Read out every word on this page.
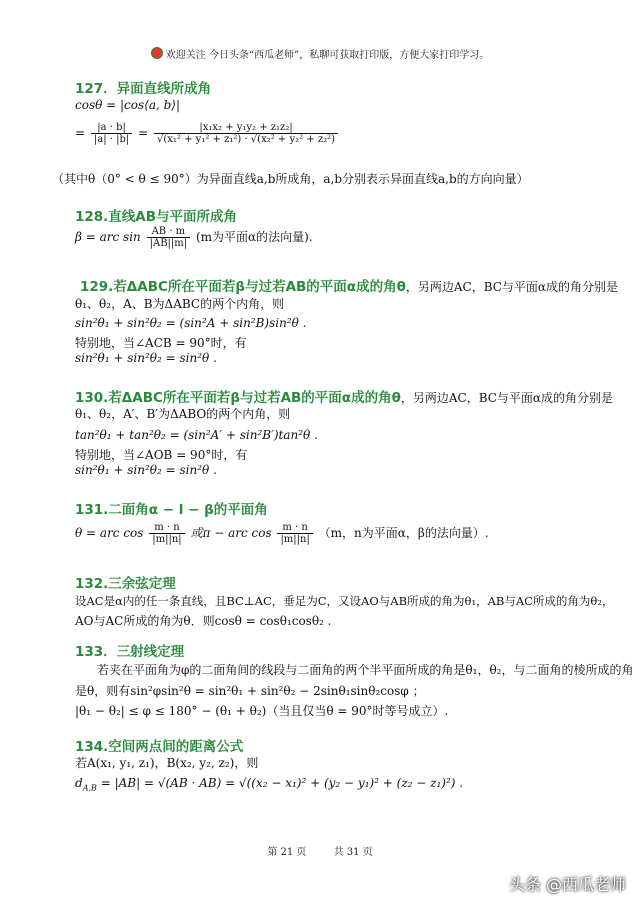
欢迎关注 今日头条“西瓜老师”，私聊可获取打印版，方便大家打印学习。
127．异面直线所成角
cosθ = |cos⟨a, b⟩|
= $\frac{|a \cdot b|}{|a| \cdot |b|} = \frac{\text{|x₁x₂ + y₁y₂ + z₁z₂|}}{\text{√(x₁² + y₁² + z₁²) · √(x₂² + y₂² + z₂²)}}$
（其中θ（0° < θ ≤ 90°）为异面直线a,b所成角，a,b分别表示异面直线a,b的方向向量）
128.直线AB与平面所成角
β = arc $\sin \frac{AB \cdot m}{|AB||m|} (m$为平面α的法向量).
129.若ΔABC所在平面若β与过若AB的平面α成的角θ，另两边AC，BC与平面α成的角分别是
θ₁、θ₂，A、B为ΔABC的两个内角，则
sin²θ₁ + sin²θ₂ = (sin²A + sin²B)sin²θ .
特别地，当∠ACB = 90°时，有
sin²θ₁ + sin²θ₂ = sin²θ .
130.若ΔABC所在平面若β与过若AB的平面α成的角θ，另两边AC，BC与平面α成的角分别是
θ₁、θ₂，A′、B′为ΔABO的两个内角，则
tan²θ₁ + tan²θ₂ = (sin²A′ + sin²B′)tan²θ .
特别地，当∠AOB = 90°时，有
sin²θ₁ + sin²θ₂ = sin²θ .
131.二面角α − l − β的平面角
θ = arc $\cos \frac{m \cdot n}{|m||n|}$ 或π − arc $\cos \frac{m \cdot n}{|m||n|} (m$，n为平面α，β的法向量）.
132.三余弦定理
设AC是α内的任一条直线，且BC⊥AC，垂足为C，又设AO与AB所成的角为θ₁，AB与AC所成的角为θ₂，
AO与AC所成的角为θ．则cosθ = cosθ₁cosθ₂ .
133．三射线定理
若夹在平面角为φ的二面角间的线段与二面角的两个半平面所成的角是θ₁，θ₂，与二面角的棱所成的角
是θ，则有sin²φsin²θ = sin²θ₁ + sin²θ₂ − 2sinθ₁sinθ₂cosφ ；
|θ₁ − θ₂| ≤ φ ≤ 180° − (θ₁ + θ₂)（当且仅当θ = 90°时等号成立）.
134.空间两点间的距离公式
若A(x₁, y₁, z₁)，B(x₂, y₂, z₂)，则
$d_{A,B} = |AB| = √(AB \cdot AB) = √((x_2 - x_1)^2 + (y_2 - y_1)^2 + (z_2 - z_1)^2)$ .
第 21 页	共 31 页
头条 @西瓜老师
